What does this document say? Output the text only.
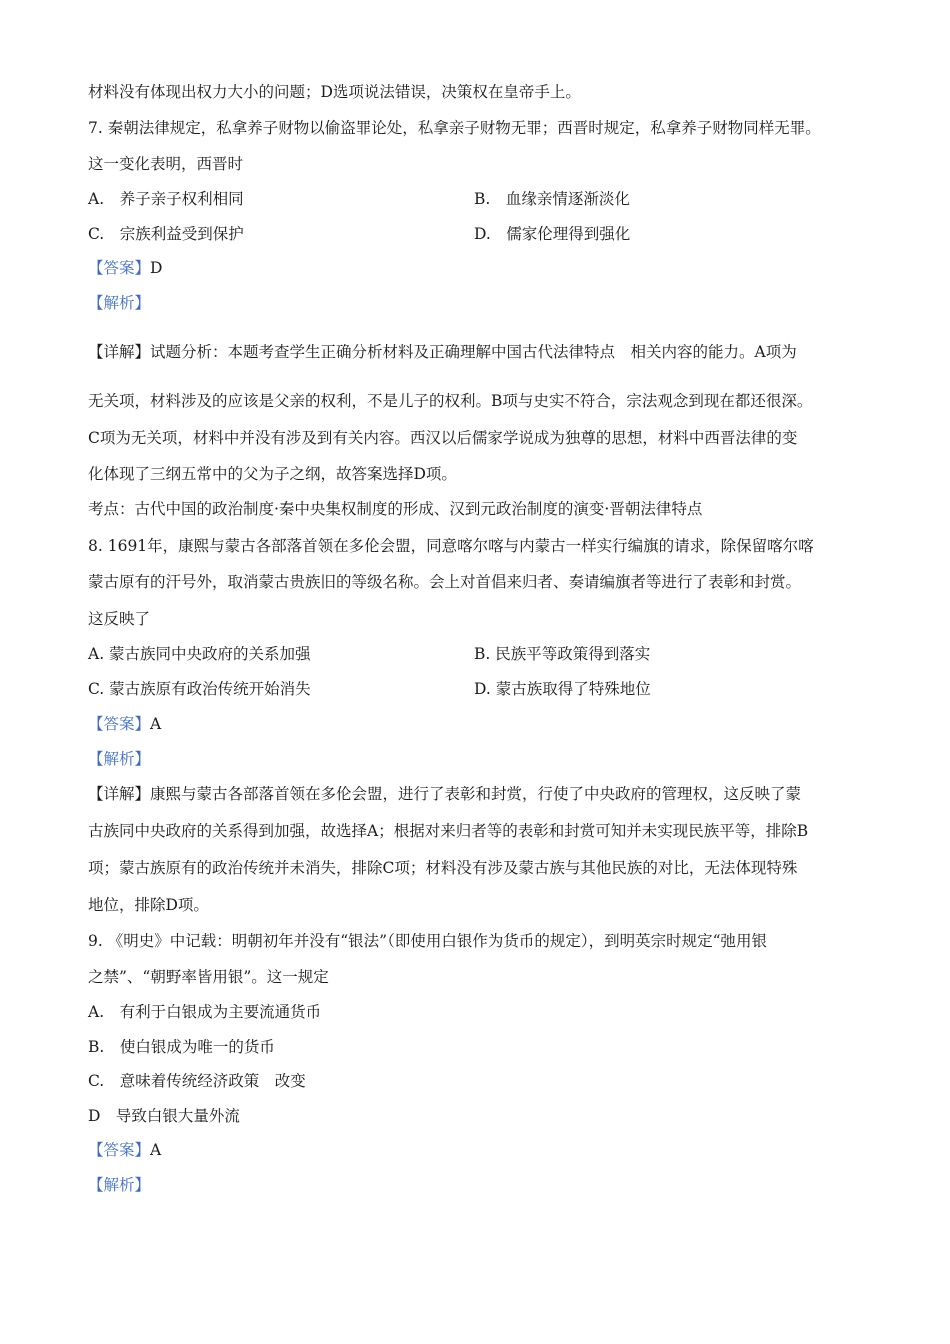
材料没有体现出权力大小的问题；D选项说法错误，决策权在皇帝手上。
7. 秦朝法律规定，私拿养子财物以偷盗罪论处，私拿亲子财物无罪；西晋时规定，私拿养子财物同样无罪。
这一变化表明，西晋时
A.　养子亲子权利相同	B.　血缘亲情逐渐淡化
C.　宗族利益受到保护	D.　儒家伦理得到强化
【答案】D
【解析】
【详解】试题分析：本题考查学生正确分析材料及正确理解中国古代法律特点　相关内容的能力。A项为
无关项，材料涉及的应该是父亲的权利，不是儿子的权利。B项与史实不符合，宗法观念到现在都还很深。
C项为无关项，材料中并没有涉及到有关内容。西汉以后儒家学说成为独尊的思想，材料中西晋法律的变
化体现了三纲五常中的父为子之纲，故答案选择D项。
考点：古代中国的政治制度·秦中央集权制度的形成、汉到元政治制度的演变·晋朝法律特点
8. 1691年，康熙与蒙古各部落首领在多伦会盟，同意喀尔喀与内蒙古一样实行编旗的请求，除保留喀尔喀
蒙古原有的汗号外，取消蒙古贵族旧的等级名称。会上对首倡来归者、奏请编旗者等进行了表彰和封赏。
这反映了
A. 蒙古族同中央政府的关系加强	B. 民族平等政策得到落实
C. 蒙古族原有政治传统开始消失	D. 蒙古族取得了特殊地位
【答案】A
【解析】
【详解】康熙与蒙古各部落首领在多伦会盟，进行了表彰和封赏，行使了中央政府的管理权，这反映了蒙
古族同中央政府的关系得到加强，故选择A；根据对来归者等的表彰和封赏可知并未实现民族平等，排除B
项；蒙古族原有的政治传统并未消失，排除C项；材料没有涉及蒙古族与其他民族的对比，无法体现特殊
地位，排除D项。
9. 《明史》中记载：明朝初年并没有“银法”（即使用白银作为货币的规定），到明英宗时规定“弛用银
之禁”、“朝野率皆用银”。这一规定
A.　有利于白银成为主要流通货币
B.　使白银成为唯一的货币
C.　意味着传统经济政策　改变
D　导致白银大量外流
【答案】A
【解析】
